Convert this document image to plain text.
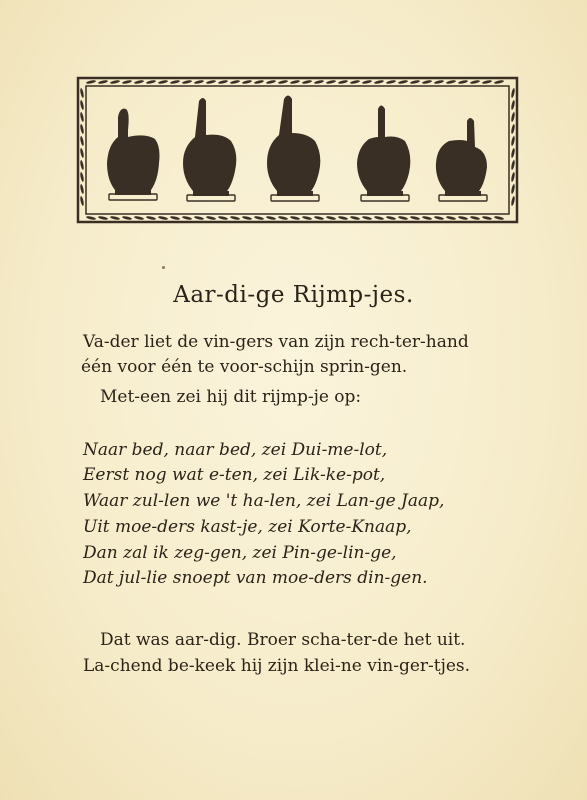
Aar-di-ge Rijmp-jes.
Va-der liet de vin-gers van zijn rech-ter-hand
één voor één te voor-schijn sprin-gen.
Met-een zei hij dit rijmp-je op:
Naar bed, naar bed, zei Dui-me-lot,
Eerst nog wat e-ten, zei Lik-ke-pot,
Waar zul-len we 't ha-len, zei Lan-ge Jaap,
Uit moe-ders kast-je, zei Korte-Knaap,
Dan zal ik zeg-gen, zei Pin-ge-lin-ge,
Dat jul-lie snoept van moe-ders din-gen.
Dat was aar-dig. Broer scha-ter-de het uit.
La-chend be-keek hij zijn klei-ne vin-ger-tjes.
